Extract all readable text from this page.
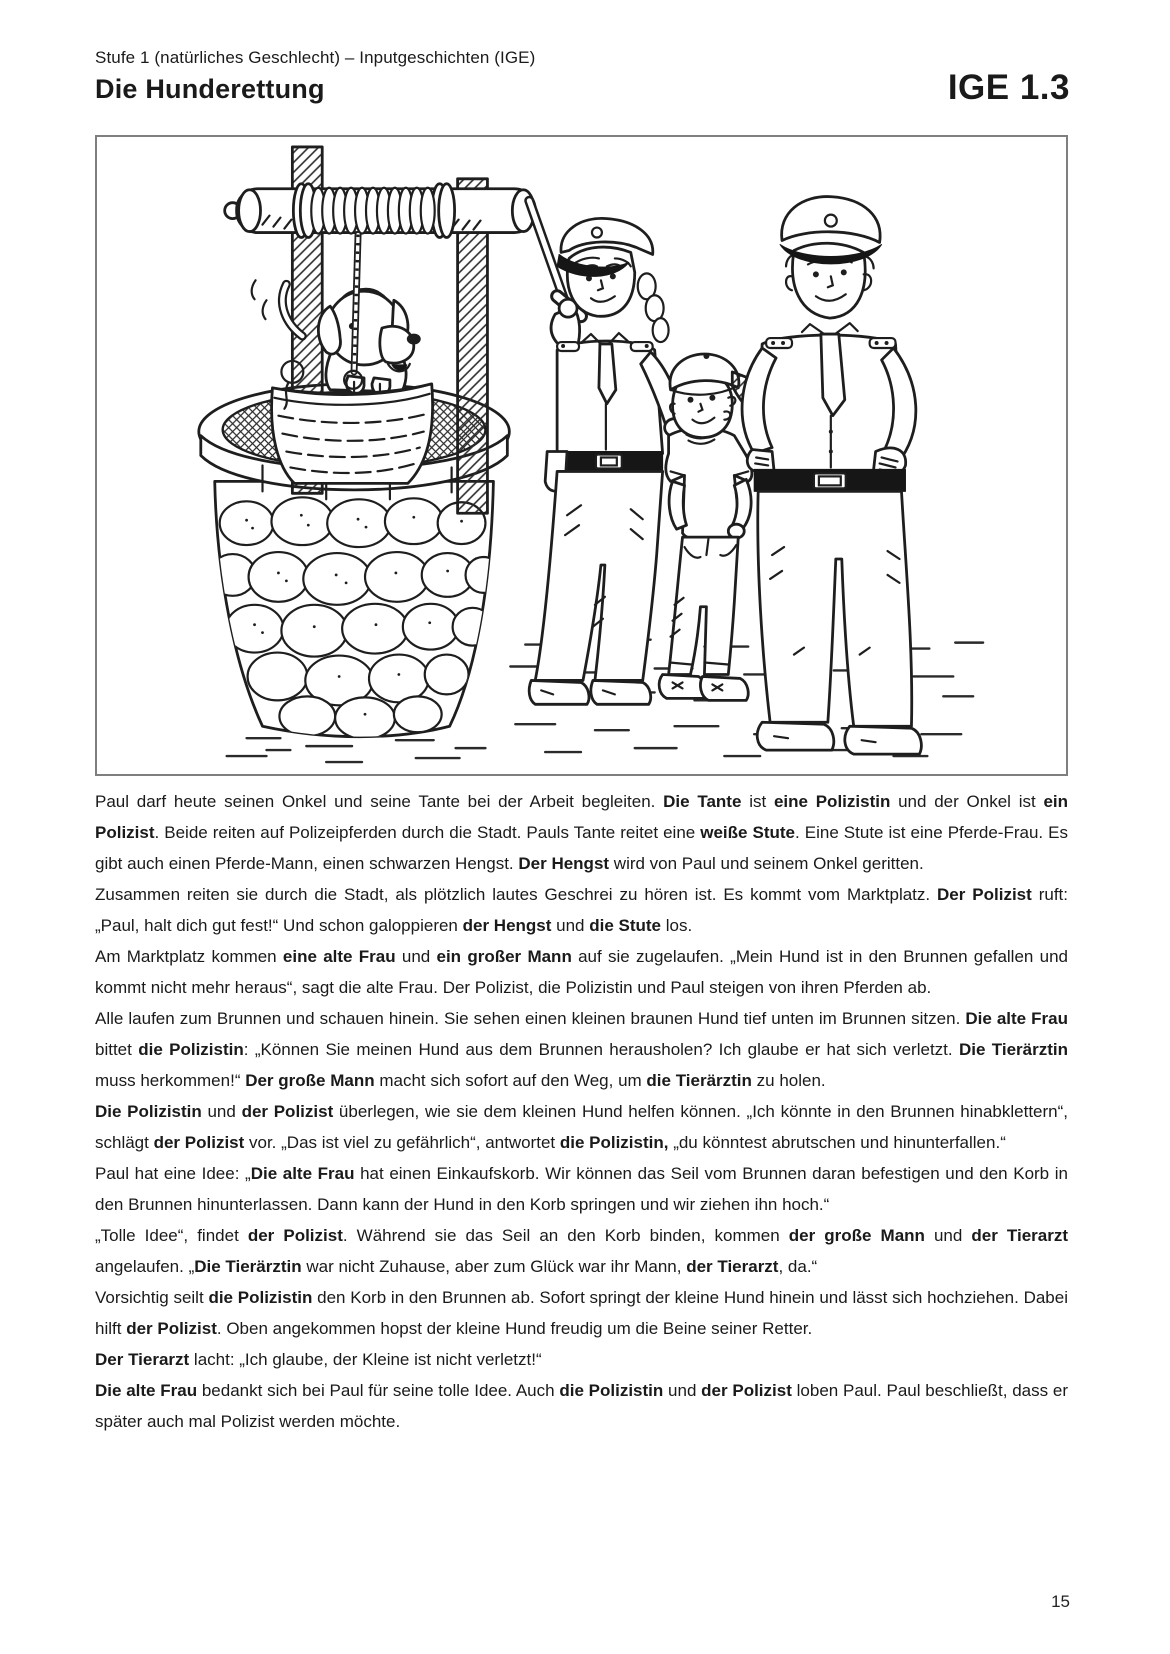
Stufe 1 (natürliches Geschlecht) – Inputgeschichten (IGE)
Die Hunderettung	IGE 1.3

Paul darf heute seinen Onkel und seine Tante bei der Arbeit begleiten. Die Tante ist eine Polizistin und der Onkel ist ein Polizist. Beide reiten auf Polizeipferden durch die Stadt. Pauls Tante reitet eine weiße Stute. Eine Stute ist eine Pferde-Frau. Es gibt auch einen Pferde-Mann, einen schwarzen Hengst. Der Hengst wird von Paul und seinem Onkel geritten.

Zusammen reiten sie durch die Stadt, als plötzlich lautes Geschrei zu hören ist. Es kommt vom Marktplatz. Der Polizist ruft: „Paul, halt dich gut fest!“ Und schon galoppieren der Hengst und die Stute los.

Am Marktplatz kommen eine alte Frau und ein großer Mann auf sie zugelaufen. „Mein Hund ist in den Brunnen gefallen und kommt nicht mehr heraus“, sagt die alte Frau. Der Polizist, die Polizistin und Paul steigen von ihren Pferden ab.

Alle laufen zum Brunnen und schauen hinein. Sie sehen einen kleinen braunen Hund tief unten im Brunnen sitzen. Die alte Frau bittet die Polizistin: „Können Sie meinen Hund aus dem Brunnen herausholen? Ich glaube er hat sich verletzt. Die Tierärztin muss herkommen!“ Der große Mann macht sich sofort auf den Weg, um die Tierärztin zu holen.

Die Polizistin und der Polizist überlegen, wie sie dem kleinen Hund helfen können. „Ich könnte in den Brunnen hinabklettern“, schlägt der Polizist vor. „Das ist viel zu gefährlich“, antwortet die Polizistin, „du könntest abrutschen und hinunterfallen.“

Paul hat eine Idee: „Die alte Frau hat einen Einkaufskorb. Wir können das Seil vom Brunnen daran befestigen und den Korb in den Brunnen hinunterlassen. Dann kann der Hund in den Korb springen und wir ziehen ihn hoch.“

„Tolle Idee“, findet der Polizist. Während sie das Seil an den Korb binden, kommen der große Mann und der Tierarzt angelaufen. „Die Tierärztin war nicht Zuhause, aber zum Glück war ihr Mann, der Tierarzt, da.“

Vorsichtig seilt die Polizistin den Korb in den Brunnen ab. Sofort springt der kleine Hund hinein und lässt sich hochziehen. Dabei hilft der Polizist. Oben angekommen hopst der kleine Hund freudig um die Beine seiner Retter.

Der Tierarzt lacht: „Ich glaube, der Kleine ist nicht verletzt!“

Die alte Frau bedankt sich bei Paul für seine tolle Idee. Auch die Polizistin und der Polizist loben Paul. Paul beschließt, dass er später auch mal Polizist werden möchte.

15
